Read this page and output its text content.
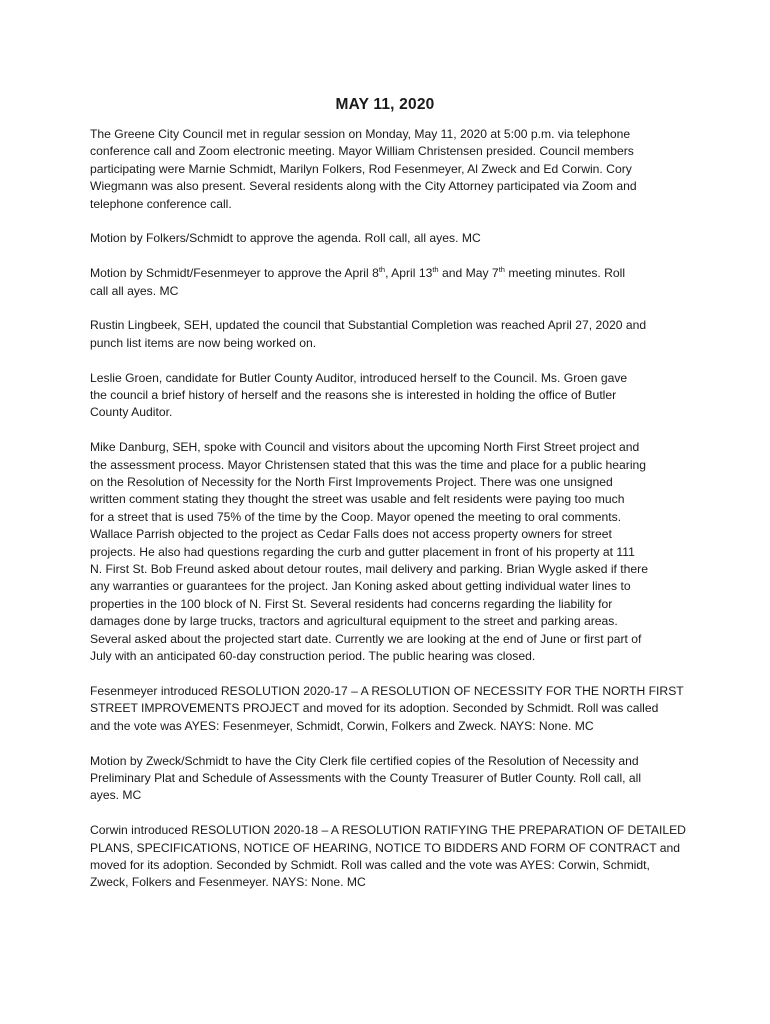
MAY 11, 2020

The Greene City Council met in regular session on Monday, May 11, 2020 at 5:00 p.m. via telephone
conference call and Zoom electronic meeting. Mayor William Christensen presided. Council members
participating were Marnie Schmidt, Marilyn Folkers, Rod Fesenmeyer, Al Zweck and Ed Corwin. Cory
Wiegmann was also present. Several residents along with the City Attorney participated via Zoom and
telephone conference call.

Motion by Folkers/Schmidt to approve the agenda. Roll call, all ayes. MC

Motion by Schmidt/Fesenmeyer to approve the April 8th, April 13th and May 7th meeting minutes. Roll
call all ayes. MC

Rustin Lingbeek, SEH, updated the council that Substantial Completion was reached April 27, 2020 and
punch list items are now being worked on.

Leslie Groen, candidate for Butler County Auditor, introduced herself to the Council. Ms. Groen gave
the council a brief history of herself and the reasons she is interested in holding the office of Butler
County Auditor.

Mike Danburg, SEH, spoke with Council and visitors about the upcoming North First Street project and
the assessment process. Mayor Christensen stated that this was the time and place for a public hearing
on the Resolution of Necessity for the North First Improvements Project. There was one unsigned
written comment stating they thought the street was usable and felt residents were paying too much
for a street that is used 75% of the time by the Coop. Mayor opened the meeting to oral comments.
Wallace Parrish objected to the project as Cedar Falls does not access property owners for street
projects. He also had questions regarding the curb and gutter placement in front of his property at 111
N. First St. Bob Freund asked about detour routes, mail delivery and parking. Brian Wygle asked if there
any warranties or guarantees for the project. Jan Koning asked about getting individual water lines to
properties in the 100 block of N. First St. Several residents had concerns regarding the liability for
damages done by large trucks, tractors and agricultural equipment to the street and parking areas.
Several asked about the projected start date. Currently we are looking at the end of June or first part of
July with an anticipated 60-day construction period. The public hearing was closed.

Fesenmeyer introduced RESOLUTION 2020-17 – A RESOLUTION OF NECESSITY FOR THE NORTH FIRST
STREET IMPROVEMENTS PROJECT and moved for its adoption. Seconded by Schmidt. Roll was called
and the vote was AYES: Fesenmeyer, Schmidt, Corwin, Folkers and Zweck. NAYS: None. MC

Motion by Zweck/Schmidt to have the City Clerk file certified copies of the Resolution of Necessity and
Preliminary Plat and Schedule of Assessments with the County Treasurer of Butler County. Roll call, all
ayes. MC

Corwin introduced RESOLUTION 2020-18 – A RESOLUTION RATIFYING THE PREPARATION OF DETAILED
PLANS, SPECIFICATIONS, NOTICE OF HEARING, NOTICE TO BIDDERS AND FORM OF CONTRACT and
moved for its adoption. Seconded by Schmidt. Roll was called and the vote was AYES: Corwin, Schmidt,
Zweck, Folkers and Fesenmeyer. NAYS: None. MC
